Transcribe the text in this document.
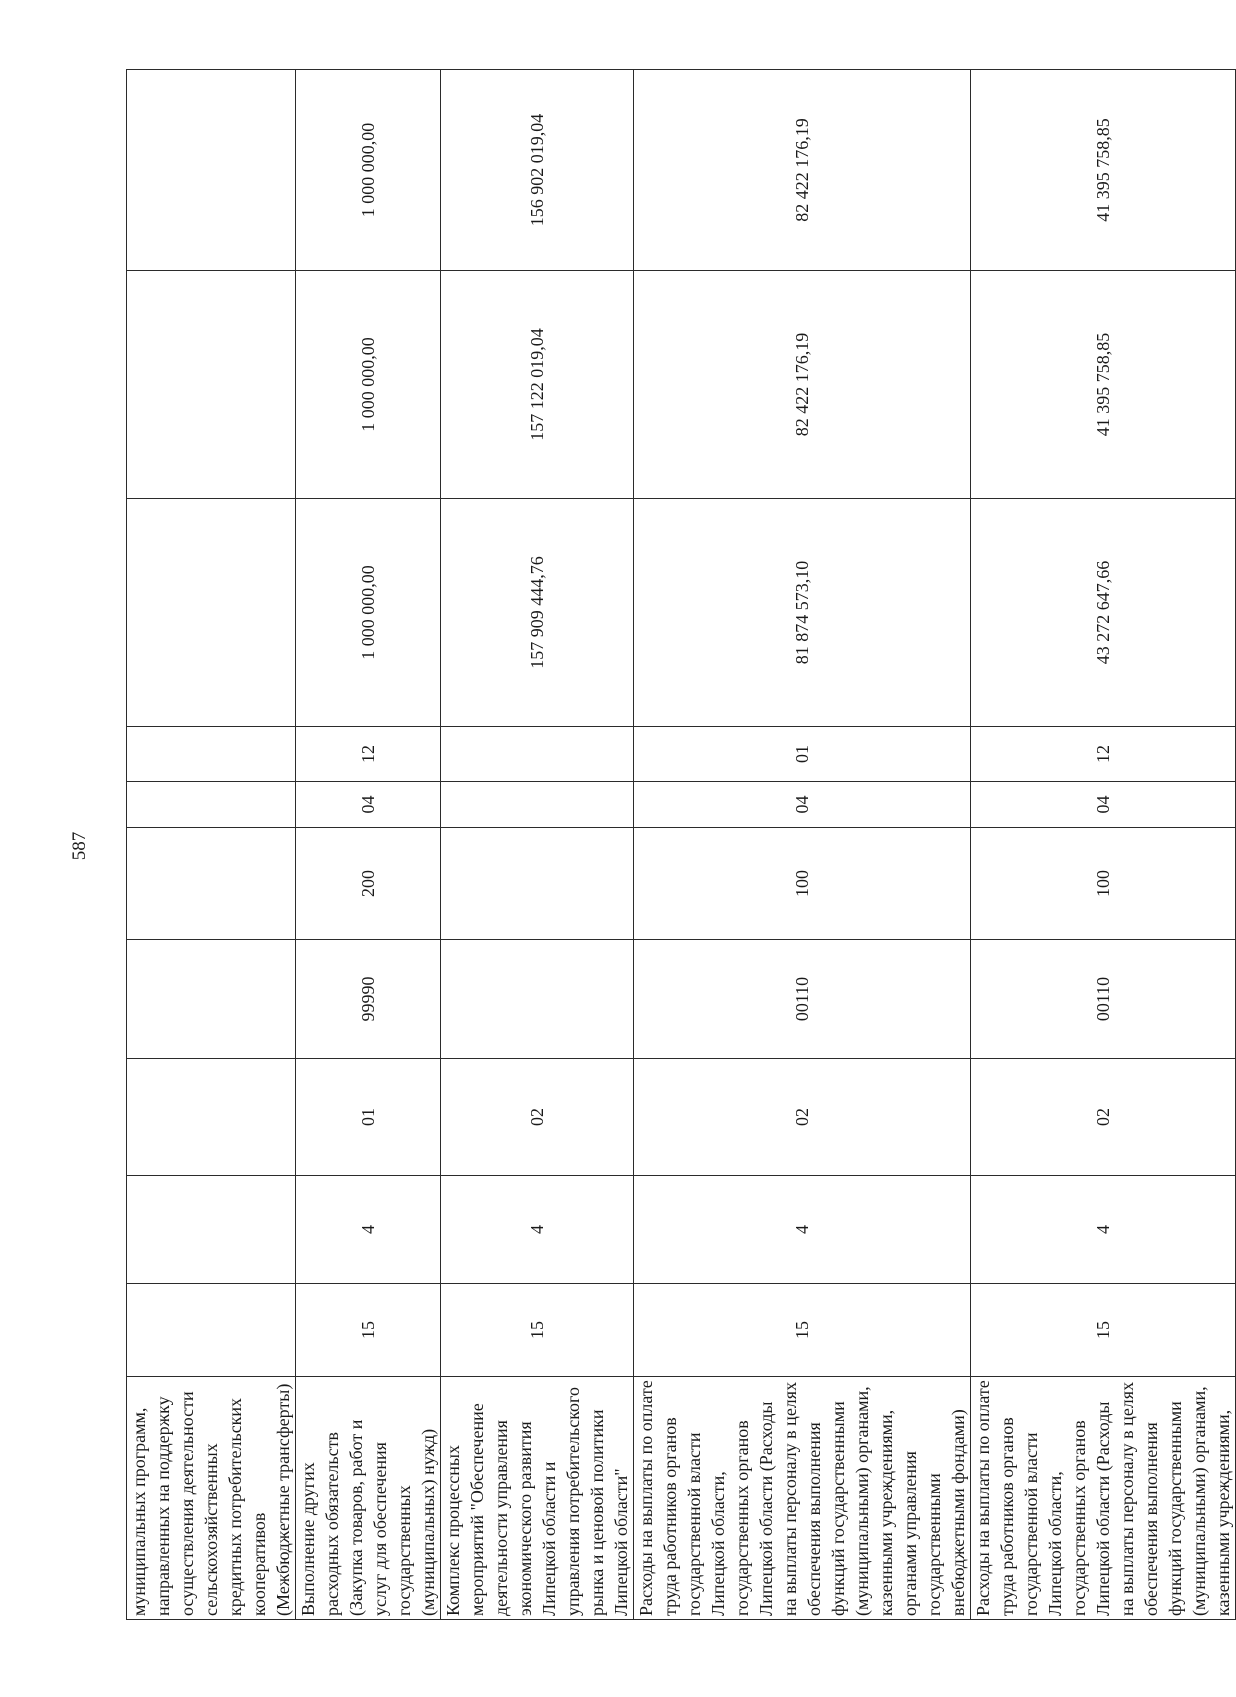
587
муниципальных программ, направленных на поддержку осуществления деятельности сельскохозяйственных кредитных потребительских кооперативов (Межбюджетные трансферты)										
Выполнение других расходных обязательств (Закупка товаров, работ и услуг для обеспечения государственных (муниципальных) нужд)	15	4	01	99990	200	04	12	1 000 000,00	1 000 000,00	1 000 000,00
Комплекс процессных мероприятий "Обеспечение деятельности управления экономического развития Липецкой области и управления потребительского рынка и ценовой политики Липецкой области"	15	4	02					157 909 444,76	157 122 019,04	156 902 019,04
Расходы на выплаты по оплате труда работников органов государственной власти Липецкой области, государственных органов Липецкой области (Расходы на выплаты персоналу в целях обеспечения выполнения функций государственными (муниципальными) органами, казенными учреждениями, органами управления государственными внебюджетными фондами)	15	4	02	00110	100	04	01	81 874 573,10	82 422 176,19	82 422 176,19
Расходы на выплаты по оплате труда работников органов государственной власти Липецкой области, государственных органов Липецкой области (Расходы на выплаты персоналу в целях обеспечения выполнения функций государственными (муниципальными) органами, казенными учреждениями,	15	4	02	00110	100	04	12	43 272 647,66	41 395 758,85	41 395 758,85
